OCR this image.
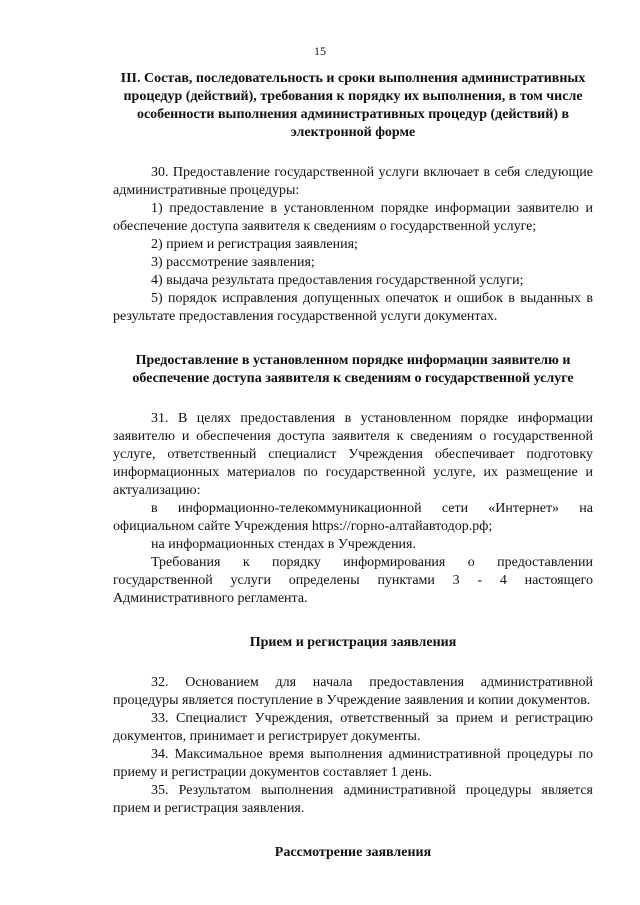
15
III. Состав, последовательность и сроки выполнения административных процедур (действий), требования к порядку их выполнения, в том числе особенности выполнения административных процедур (действий) в электронной форме

30. Предоставление государственной услуги включает в себя следующие административные процедуры:

1) предоставление в установленном порядке информации заявителю и обеспечение доступа заявителя к сведениям о государственной услуге;

2) прием и регистрация заявления;

3) рассмотрение заявления;

4) выдача результата предоставления государственной услуги;

5) порядок исправления допущенных опечаток и ошибок в выданных в результате предоставления государственной услуги документах.

Предоставление в установленном порядке информации заявителю и обеспечение доступа заявителя к сведениям о государственной услуге

31. В целях предоставления в установленном порядке информации заявителю и обеспечения доступа заявителя к сведениям о государственной услуге, ответственный специалист Учреждения обеспечивает подготовку информационных материалов по государственной услуге, их размещение и актуализацию:

в информационно-телекоммуникационной сети «Интернет» на официальном сайте Учреждения https://горно-алтайавтодор.рф;

на информационных стендах в Учреждения.

Требования к порядку информирования о предоставлении государственной услуги определены пунктами 3 - 4 настоящего Административного регламента.

Прием и регистрация заявления

32. Основанием для начала предоставления административной процедуры является поступление в Учреждение заявления и копии документов.

33. Специалист Учреждения, ответственный за прием и регистрацию документов, принимает и регистрирует документы.

34. Максимальное время выполнения административной процедуры по приему и регистрации документов составляет 1 день.

35. Результатом выполнения административной процедуры является прием и регистрация заявления.

Рассмотрение заявления
